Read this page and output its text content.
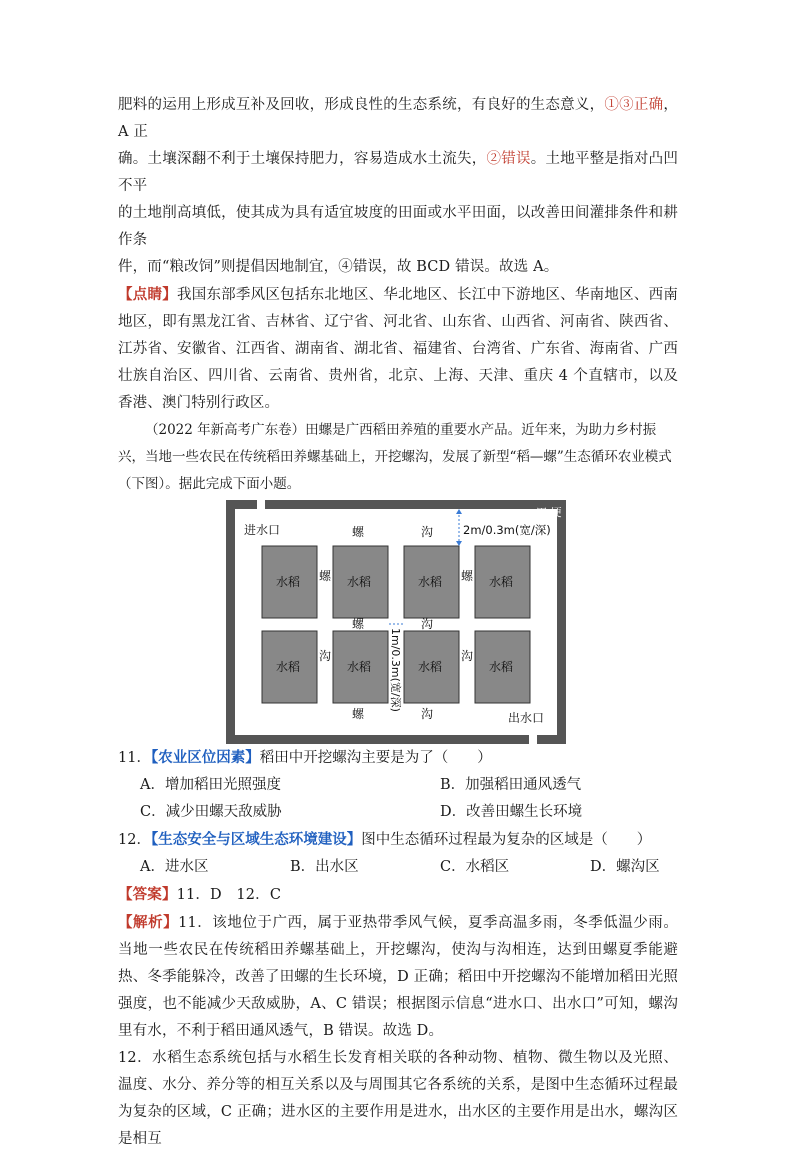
肥料的运用上形成互补及回收，形成良性的生态系统，有良好的生态意义，①③正确，A 正
确。土壤深翻不利于土壤保持肥力，容易造成水土流失，②错误。土地平整是指对凸凹不平
的土地削高填低，使其成为具有适宜坡度的田面或水平田面，以改善田间灌排条件和耕作条
件，而“粮改饲”则提倡因地制宜，④错误，故 BCD 错误。故选 A。

【点睛】我国东部季风区包括东北地区、华北地区、长江中下游地区、华南地区、西南地区，即有黑龙江省、吉林省、辽宁省、河北省、山东省、山西省、河南省、陕西省、江苏省、安徽省、江西省、湖南省、湖北省、福建省、台湾省、广东省、海南省、广西壮族自治区、四川省、云南省、贵州省，北京、上海、天津、重庆 4 个直辖市，以及香港、澳门特别行政区。

（2022 年新高考广东卷）田螺是广西稻田养殖的重要水产品。近年来，为助力乡村振兴，当地一些农民在传统稻田养螺基础上，开挖螺沟，发展了新型“稻—螺”生态循环农业模式（下图）。据此完成下面小题。

田 埂
水稻	水稻	水稻	水稻
水稻	水稻	水稻	水稻
进水口
出水口
螺	沟
螺	沟
螺	沟
螺	螺
沟	沟
2m/0.3m(宽/深)
1m/0.3m(宽/深)

11．【农业区位因素】稻田中开挖螺沟主要是为了（　　）

A．增加稻田光照强度	B．加强稻田通风透气
C．减少田螺天敌威胁	D．改善田螺生长环境

12．【生态安全与区域生态环境建设】图中生态循环过程最为复杂的区域是（　　）

A．进水区	B．出水区	C．水稻区	D．螺沟区

【答案】11．D　12．C

【解析】11．该地位于广西，属于亚热带季风气候，夏季高温多雨，冬季低温少雨。当地一些农民在传统稻田养螺基础上，开挖螺沟，使沟与沟相连，达到田螺夏季能避热、冬季能躲冷，改善了田螺的生长环境，D 正确；稻田中开挖螺沟不能增加稻田光照强度，也不能减少天敌威胁，A、C 错误；根据图示信息“进水口、出水口”可知，螺沟里有水，不利于稻田通风透气，B 错误。故选 D。

12．水稻生态系统包括与水稻生长发育相关联的各种动物、植物、微生物以及光照、温度、水分、养分等的相互关系以及与周围其它各系统的关系，是图中生态循环过程最为复杂的区域，C 正确；进水区的主要作用是进水，出水区的主要作用是出水，螺沟区是相互
